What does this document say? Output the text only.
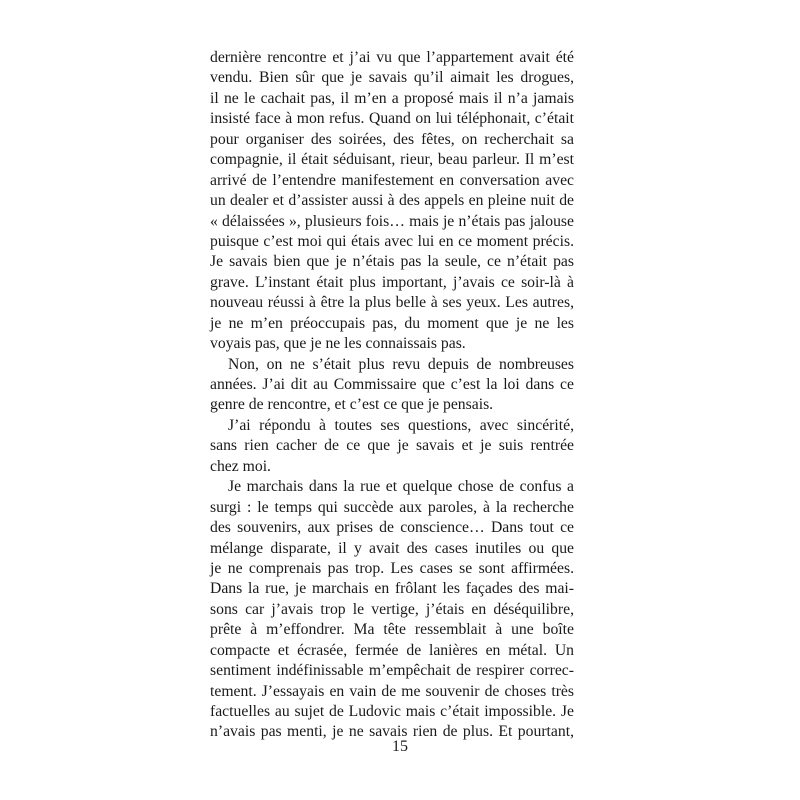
dernière rencontre et j’ai vu que l’appartement avait été
vendu. Bien sûr que je savais qu’il aimait les drogues,
il ne le cachait pas, il m’en a proposé mais il n’a jamais
insisté face à mon refus. Quand on lui téléphonait, c’était
pour organiser des soirées, des fêtes, on recherchait sa
compagnie, il était séduisant, rieur, beau parleur. Il m’est
arrivé de l’entendre manifestement en conversation avec
un dealer et d’assister aussi à des appels en pleine nuit de
« délaissées », plusieurs fois… mais je n’étais pas jalouse
puisque c’est moi qui étais avec lui en ce moment précis.
Je savais bien que je n’étais pas la seule, ce n’était pas
grave. L’instant était plus important, j’avais ce soir-là à
nouveau réussi à être la plus belle à ses yeux. Les autres,
je ne m’en préoccupais pas, du moment que je ne les
voyais pas, que je ne les connaissais pas.
Non, on ne s’était plus revu depuis de nombreuses
années. J’ai dit au Commissaire que c’est la loi dans ce
genre de rencontre, et c’est ce que je pensais.
J’ai répondu à toutes ses questions, avec sincérité,
sans rien cacher de ce que je savais et je suis rentrée
chez moi.
Je marchais dans la rue et quelque chose de confus a
surgi : le temps qui succède aux paroles, à la recherche
des souvenirs, aux prises de conscience… Dans tout ce
mélange disparate, il y avait des cases inutiles ou que
je ne comprenais pas trop. Les cases se sont affirmées.
Dans la rue, je marchais en frôlant les façades des mai-
sons car j’avais trop le vertige, j’étais en déséquilibre,
prête à m’effondrer. Ma tête ressemblait à une boîte
compacte et écrasée, fermée de lanières en métal. Un
sentiment indéfinissable m’empêchait de respirer correc-
tement. J’essayais en vain de me souvenir de choses très
factuelles au sujet de Ludovic mais c’était impossible. Je
n’avais pas menti, je ne savais rien de plus. Et pourtant,
15
